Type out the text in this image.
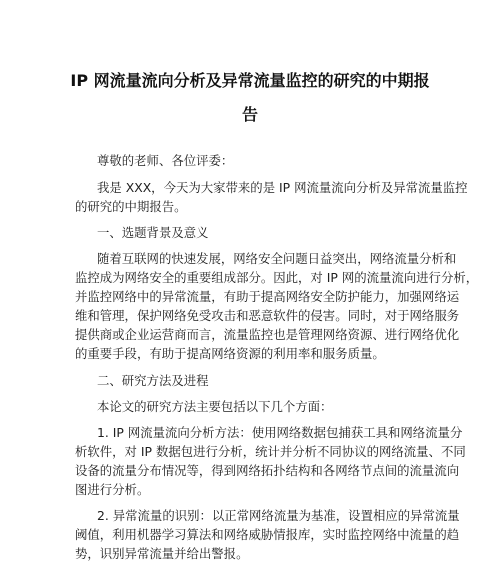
IP 网流量流向分析及异常流量监控的研究的中期报
告
尊敬的老师、各位评委：
我是 XXX，今天为大家带来的是 IP 网流量流向分析及异常流量监控
的研究的中期报告。
一、选题背景及意义
随着互联网的快速发展，网络安全问题日益突出，网络流量分析和
监控成为网络安全的重要组成部分。因此，对 IP 网的流量流向进行分析，
并监控网络中的异常流量，有助于提高网络安全防护能力，加强网络运
维和管理，保护网络免受攻击和恶意软件的侵害。同时，对于网络服务
提供商或企业运营商而言，流量监控也是管理网络资源、进行网络优化
的重要手段，有助于提高网络资源的利用率和服务质量。
二、研究方法及进程
本论文的研究方法主要包括以下几个方面：
1. IP 网流量流向分析方法：使用网络数据包捕获工具和网络流量分
析软件，对 IP 数据包进行分析，统计并分析不同协议的网络流量、不同
设备的流量分布情况等，得到网络拓扑结构和各网络节点间的流量流向
图进行分析。
2. 异常流量的识别：以正常网络流量为基准，设置相应的异常流量
阈值，利用机器学习算法和网络威胁情报库，实时监控网络中流量的趋
势，识别异常流量并给出警报。
